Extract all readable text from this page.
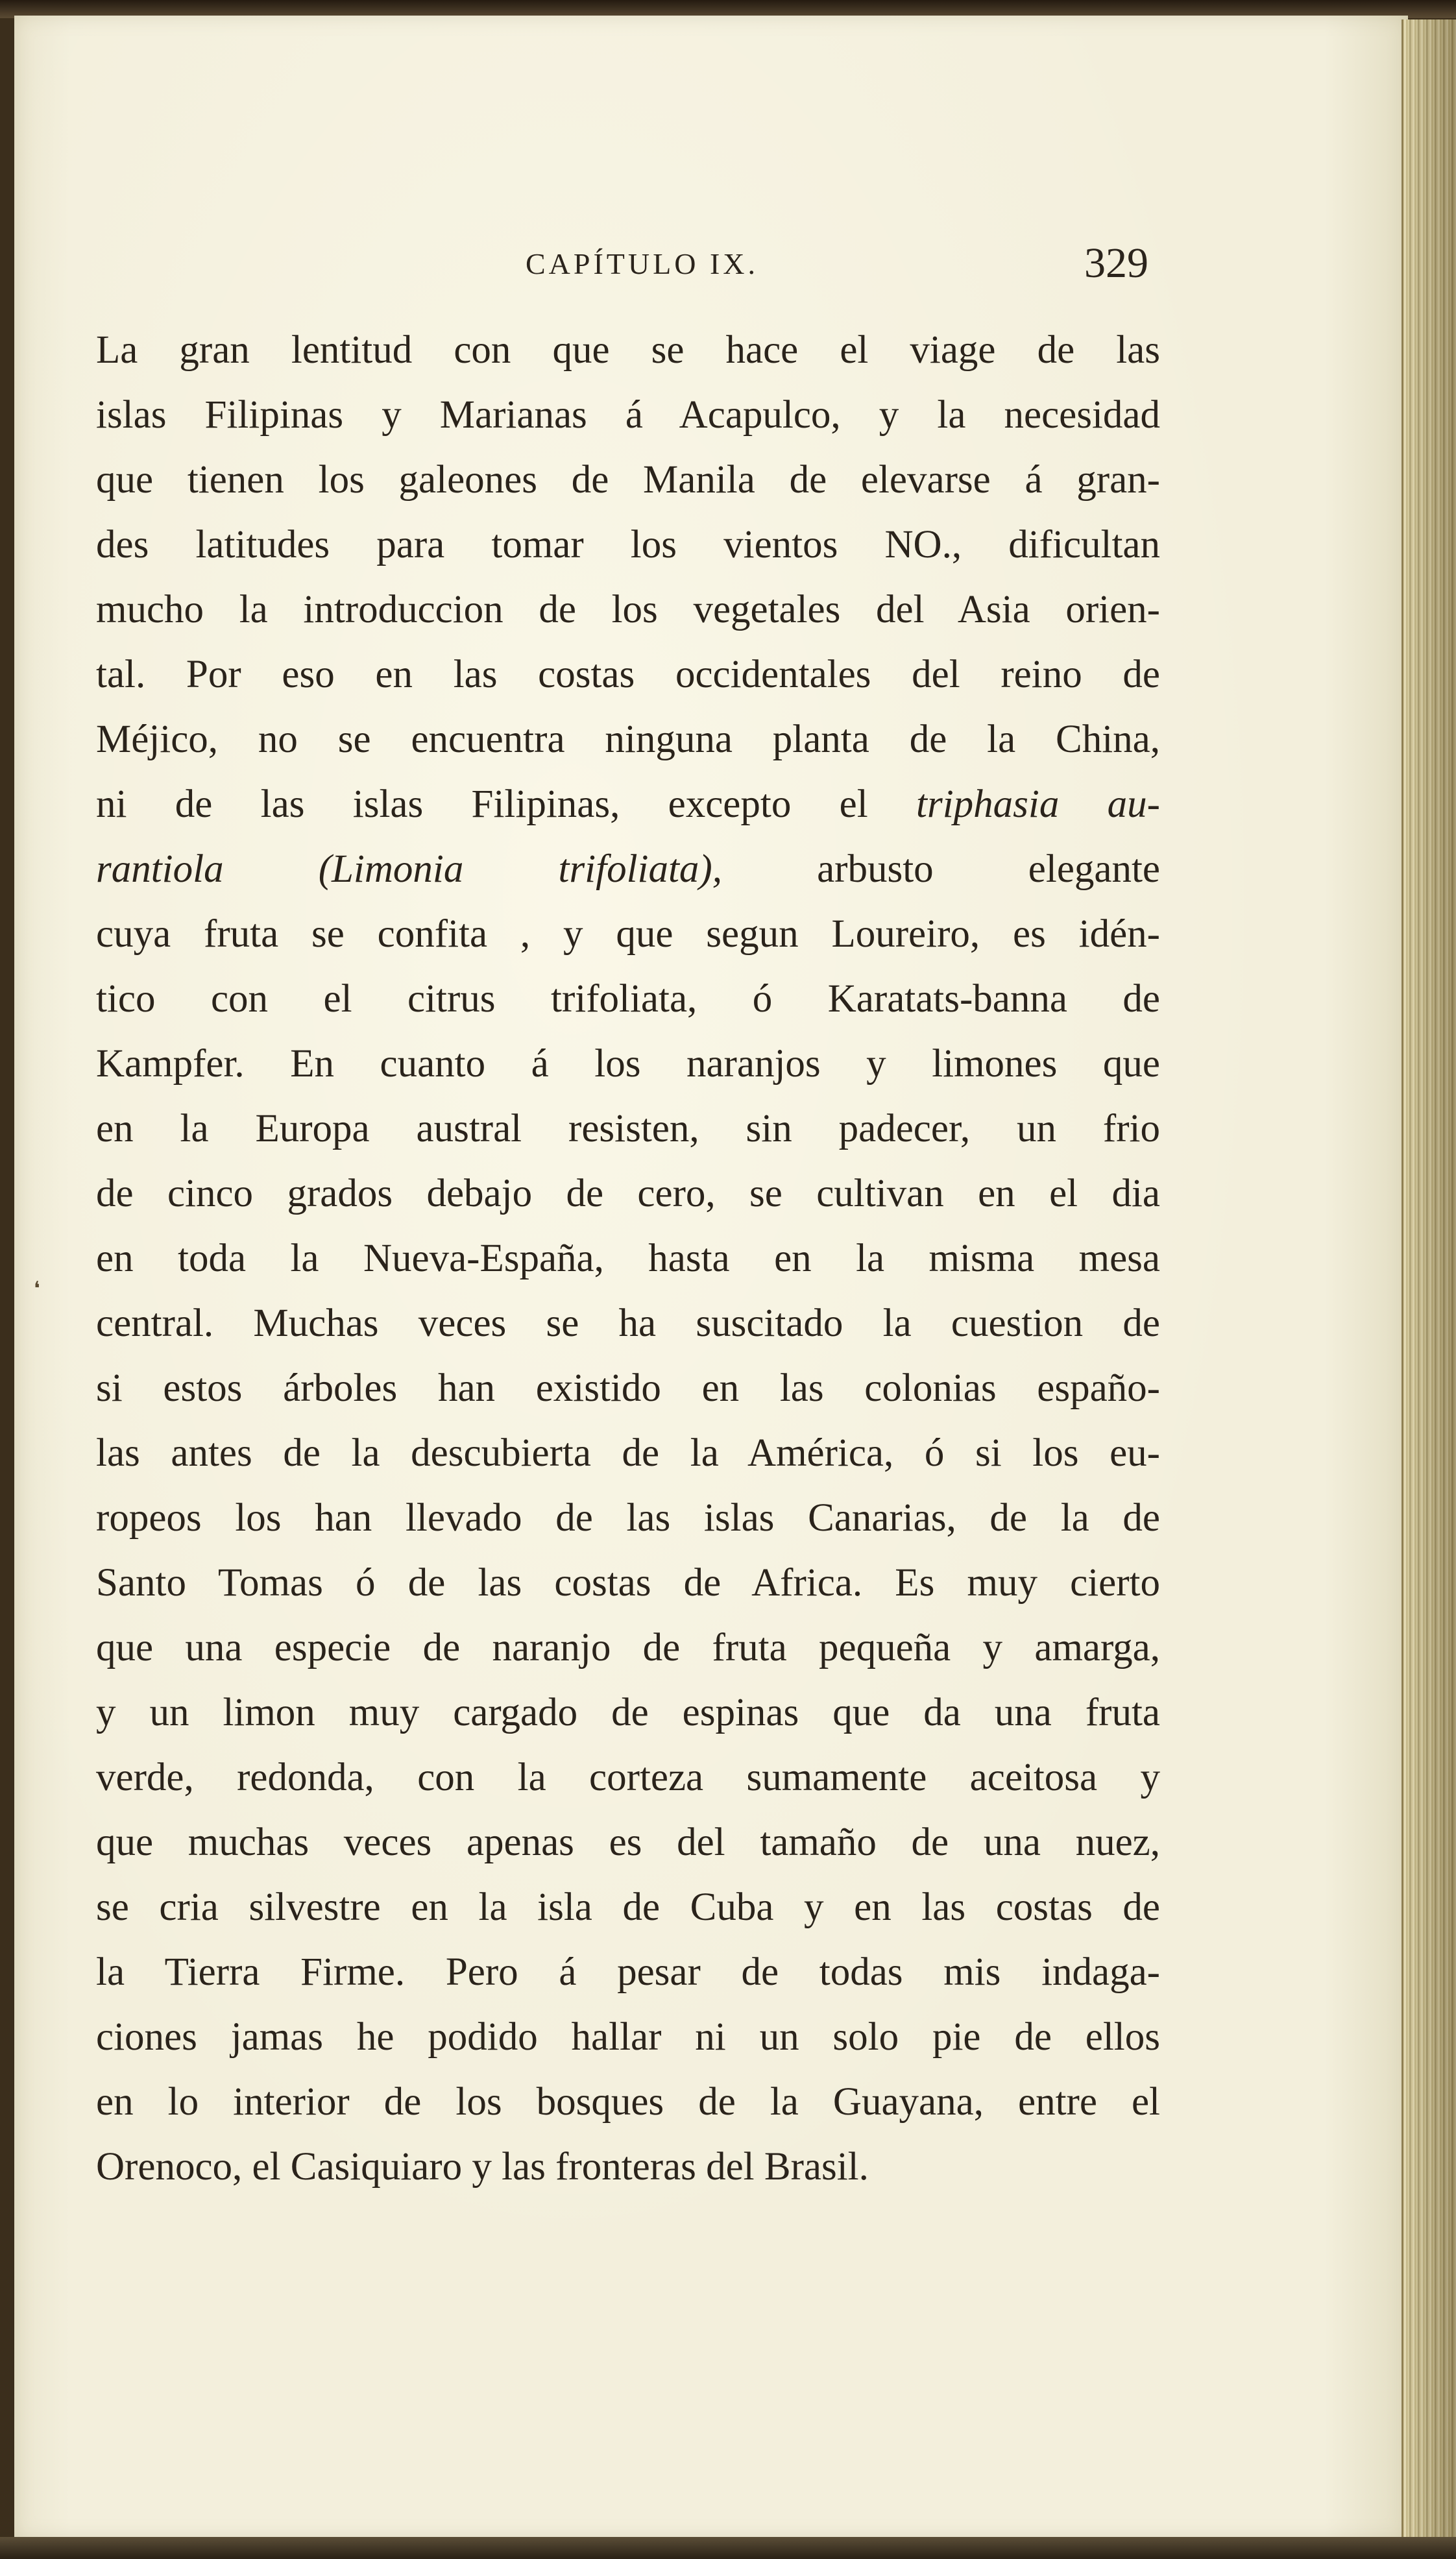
❛
CAPÍTULO IX.	329
La gran lentitud con que se hace el viage de las
islas Filipinas y Marianas á Acapulco, y la necesidad
que tienen los galeones de Manila de elevarse á gran-
des latitudes para tomar los vientos NO., dificultan
mucho la introduccion de los vegetales del Asia orien-
tal. Por eso en las costas occidentales del reino de
Méjico, no se encuentra ninguna planta de la China,
ni de las islas Filipinas, excepto el triphasia au-
rantiola (Limonia trifoliata), arbusto elegante
cuya fruta se confita , y que segun Loureiro, es idén-
tico con el citrus trifoliata, ó Karatats-banna de
Kampfer. En cuanto á los naranjos y limones que
en la Europa austral resisten, sin padecer, un frio
de cinco grados debajo de cero, se cultivan en el dia
en toda la Nueva-España, hasta en la misma mesa
central. Muchas veces se ha suscitado la cuestion de
si estos árboles han existido en las colonias españo-
las antes de la descubierta de la América, ó si los eu-
ropeos los han llevado de las islas Canarias, de la de
Santo Tomas ó de las costas de Africa. Es muy cierto
que una especie de naranjo de fruta pequeña y amarga,
y un limon muy cargado de espinas que da una fruta
verde, redonda, con la corteza sumamente aceitosa y
que muchas veces apenas es del tamaño de una nuez,
se cria silvestre en la isla de Cuba y en las costas de
la Tierra Firme. Pero á pesar de todas mis indaga-
ciones jamas he podido hallar ni un solo pie de ellos
en lo interior de los bosques de la Guayana, entre el
Orenoco, el Casiquiaro y las fronteras del Brasil.
